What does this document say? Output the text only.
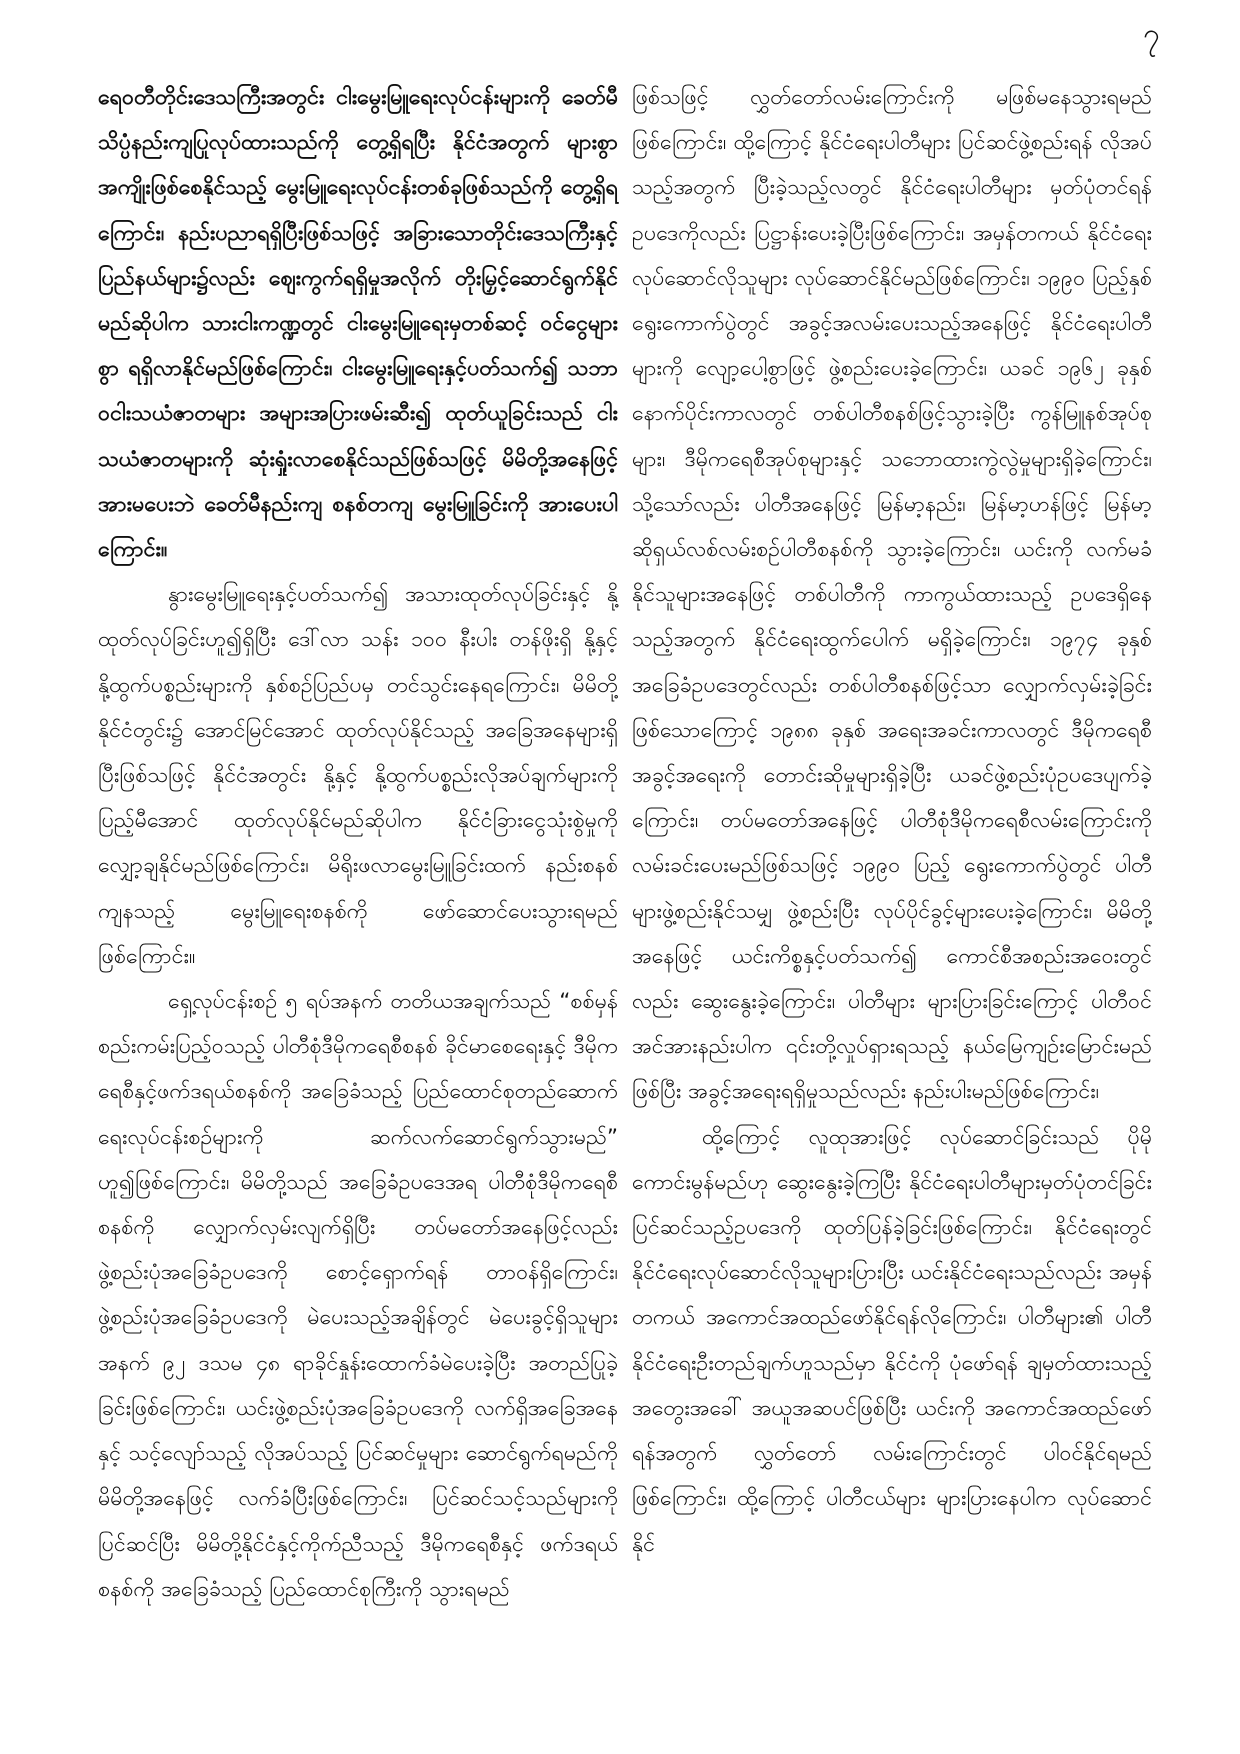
၇

ရေ၀တီတိုင်းဒေသကြီးအတွင်း ငါးမွေးမြူရေးလုပ်ငန်းများကို ခေတ်မီသိပ္ပံနည်းကျပြုလုပ်ထားသည်ကို တွေ့ရှိရပြီး နိုင်ငံအတွက် များစွာအကျိုးဖြစ်စေနိုင်သည့် မွေးမြူရေးလုပ်ငန်းတစ်ခုဖြစ်သည်ကို တွေ့ရှိရကြောင်း၊ နည်းပညာရရှိပြီးဖြစ်သဖြင့် အခြားသောတိုင်းဒေသကြီးနှင့် ပြည်နယ်များ၌လည်း ဈေးကွက်ရရှိမှုအလိုက် တိုးမြှင့်ဆောင်ရွက်နိုင်မည်ဆိုပါက သားငါးကဏ္ဍတွင် ငါးမွေးမြူရေးမှတစ်ဆင့် ၀င်ငွေများစွာ ရရှိလာနိုင်မည်ဖြစ်ကြောင်း၊ ငါးမွေးမြူရေးနှင့်ပတ်သက်၍ သဘာဝငါးသယံဇာတများ အများအပြားဖမ်းဆီး၍ ထုတ်ယူခြင်းသည် ငါးသယံဇာတများကို ဆုံးရှုံးလာစေနိုင်သည်ဖြစ်သဖြင့် မိမိတို့အနေဖြင့် အားမပေးဘဲ ခေတ်မီနည်းကျ စနစ်တကျ မွေးမြူခြင်းကို အားပေးပါကြောင်း။

နွားမွေးမြူရေးနှင့်ပတ်သက်၍ အသားထုတ်လုပ်ခြင်းနှင့် နို့ထုတ်လုပ်ခြင်းဟူ၍ရှိပြီး ဒေါ်လာ သန်း ၁၀၀ နီးပါး တန်ဖိုးရှိ နို့နှင့် နို့ထွက်ပစ္စည်းများကို နှစ်စဉ်ပြည်ပမှ တင်သွင်းနေရကြောင်း၊ မိမိတို့နိုင်ငံတွင်း၌ အောင်မြင်အောင် ထုတ်လုပ်နိုင်သည့် အခြေအနေများရှိပြီးဖြစ်သဖြင့် နိုင်ငံအတွင်း နို့နှင့် နို့ထွက်ပစ္စည်းလိုအပ်ချက်များကို ပြည့်မီအောင် ထုတ်လုပ်နိုင်မည်ဆိုပါက နိုင်ငံခြားငွေသုံးစွဲမှုကို လျှော့ချနိုင်မည်ဖြစ်ကြောင်း၊ မိရိုးဖလာမွေးမြူခြင်းထက် နည်းစနစ်ကျနသည့် မွေးမြူရေးစနစ်ကို ဖော်ဆောင်ပေးသွားရမည် ဖြစ်ကြောင်း။

ရှေ့လုပ်ငန်းစဉ် ၅ ရပ်အနက် တတိယအချက်သည် “စစ်မှန်စည်းကမ်းပြည့်ဝသည့် ပါတီစုံဒီမိုကရေစီစနစ် ခိုင်မာစေရေးနှင့် ဒီမိုကရေစီနှင့်ဖက်ဒရယ်စနစ်ကို အခြေခံသည့် ပြည်ထောင်စုတည်ဆောက်ရေးလုပ်ငန်းစဉ်များကို ဆက်လက်ဆောင်ရွက်သွားမည်” ဟူ၍ဖြစ်ကြောင်း၊ မိမိတို့သည် အခြေခံဥပဒေအရ ပါတီစုံဒီမိုကရေစီစနစ်ကို လျှောက်လှမ်းလျက်ရှိပြီး တပ်မတော်အနေဖြင့်လည်း ဖွဲ့စည်းပုံအခြေခံဥပဒေကို စောင့်ရှောက်ရန် တာဝန်ရှိကြောင်း၊ ဖွဲ့စည်းပုံအခြေခံဥပဒေကို မဲပေးသည့်အချိန်တွင် မဲပေးခွင့်ရှိသူများအနက် ၉၂ ဒသမ ၄၈ ရာခိုင်နှုန်းထောက်ခံမဲပေးခဲ့ပြီး အတည်ပြုခဲ့ခြင်းဖြစ်ကြောင်း၊ ယင်းဖွဲ့စည်းပုံအခြေခံဥပဒေကို လက်ရှိအခြေအနေနှင့် သင့်လျော်သည့် လိုအပ်သည့် ပြင်ဆင်မှုများ ဆောင်ရွက်ရမည်ကို မိမိတို့အနေဖြင့် လက်ခံပြီးဖြစ်ကြောင်း၊ ပြင်ဆင်သင့်သည်များကို ပြင်ဆင်ပြီး မိမိတို့နိုင်ငံနှင့်ကိုက်ညီသည့် ဒီမိုကရေစီနှင့် ဖက်ဒရယ်စနစ်ကို အခြေခံသည့် ပြည်ထောင်စုကြီးကို သွားရမည်

ဖြစ်သဖြင့် လွှတ်တော်လမ်းကြောင်းကို မဖြစ်မနေသွားရမည်ဖြစ်ကြောင်း၊ ထို့ကြောင့် နိုင်ငံရေးပါတီများ ပြင်ဆင်ဖွဲ့စည်းရန် လိုအပ်သည့်အတွက် ပြီးခဲ့သည့်လတွင် နိုင်ငံရေးပါတီများ မှတ်ပုံတင်ရန် ဥပဒေကိုလည်း ပြဋ္ဌာန်းပေးခဲ့ပြီးဖြစ်ကြောင်း၊ အမှန်တကယ် နိုင်ငံရေးလုပ်ဆောင်လိုသူများ လုပ်ဆောင်နိုင်မည်ဖြစ်ကြောင်း၊ ၁၉၉၀ ပြည့်နှစ် ရွေးကောက်ပွဲတွင် အခွင့်အလမ်းပေးသည့်အနေဖြင့် နိုင်ငံရေးပါတီများကို လျော့ပေါ့စွာဖြင့် ဖွဲ့စည်းပေးခဲ့ကြောင်း၊ ယခင် ၁၉၆၂ ခုနှစ်နောက်ပိုင်းကာလတွင် တစ်ပါတီစနစ်ဖြင့်သွားခဲ့ပြီး ကွန်မြူနစ်အုပ်စုများ၊ ဒီမိုကရေစီအုပ်စုများနှင့် သဘောထားကွဲလွဲမှုများရှိခဲ့ကြောင်း၊ သို့သော်လည်း ပါတီအနေဖြင့် မြန်မာ့နည်း၊ မြန်မာ့ဟန်ဖြင့် မြန်မာ့ဆိုရှယ်လစ်လမ်းစဉ်ပါတီစနစ်ကို သွားခဲ့ကြောင်း၊ ယင်းကို လက်မခံနိုင်သူများအနေဖြင့် တစ်ပါတီကို ကာကွယ်ထားသည့် ဥပဒေရှိနေသည့်အတွက် နိုင်ငံရေးထွက်ပေါက် မရှိခဲ့ကြောင်း၊ ၁၉၇၄ ခုနှစ် အခြေခံဥပဒေတွင်လည်း တစ်ပါတီစနစ်ဖြင့်သာ လျှောက်လှမ်းခဲ့ခြင်းဖြစ်သောကြောင့် ၁၉၈၈ ခုနှစ် အရေးအခင်းကာလတွင် ဒီမိုကရေစီအခွင့်အရေးကို တောင်းဆိုမှုများရှိခဲ့ပြီး ယခင်ဖွဲ့စည်းပုံဥပဒေပျက်ခဲ့ကြောင်း၊ တပ်မတော်အနေဖြင့် ပါတီစုံဒီမိုကရေစီလမ်းကြောင်းကို လမ်းခင်းပေးမည်ဖြစ်သဖြင့် ၁၉၉၀ ပြည့် ရွေးကောက်ပွဲတွင် ပါတီများဖွဲ့စည်းနိုင်သမျှ ဖွဲ့စည်းပြီး လုပ်ပိုင်ခွင့်များပေးခဲ့ကြောင်း၊ မိမိတို့အနေဖြင့် ယင်းကိစ္စနှင့်ပတ်သက်၍ ကောင်စီအစည်းအဝေးတွင်လည်း ဆွေးနွေးခဲ့ကြောင်း၊ ပါတီများ များပြားခြင်းကြောင့် ပါတီဝင်အင်အားနည်းပါက ၎င်းတို့လှုပ်ရှားရသည့် နယ်မြေကျဉ်းမြောင်းမည်ဖြစ်ပြီး အခွင့်အရေးရရှိမှုသည်လည်း နည်းပါးမည်ဖြစ်ကြောင်း၊

ထို့ကြောင့် လူထုအားဖြင့် လုပ်ဆောင်ခြင်းသည် ပိုမိုကောင်းမွန်မည်ဟု ဆွေးနွေးခဲ့ကြပြီး နိုင်ငံရေးပါတီများမှတ်ပုံတင်ခြင်းပြင်ဆင်သည့်ဥပဒေကို ထုတ်ပြန်ခဲ့ခြင်းဖြစ်ကြောင်း၊ နိုင်ငံရေးတွင် နိုင်ငံရေးလုပ်ဆောင်လိုသူများပြားပြီး ယင်းနိုင်ငံရေးသည်လည်း အမှန်တကယ် အကောင်အထည်ဖော်နိုင်ရန်လိုကြောင်း၊ ပါတီများ၏ ပါတီနိုင်ငံရေးဦးတည်ချက်ဟူသည်မှာ နိုင်ငံကို ပုံဖော်ရန် ချမှတ်ထားသည့် အတွေးအခေါ် အယူအဆပင်ဖြစ်ပြီး ယင်းကို အကောင်အထည်ဖော်ရန်အတွက် လွှတ်တော် လမ်းကြောင်းတွင် ပါဝင်နိုင်ရမည်ဖြစ်ကြောင်း၊ ထို့ကြောင့် ပါတီငယ်များ များပြားနေပါက လုပ်ဆောင်နိုင်
